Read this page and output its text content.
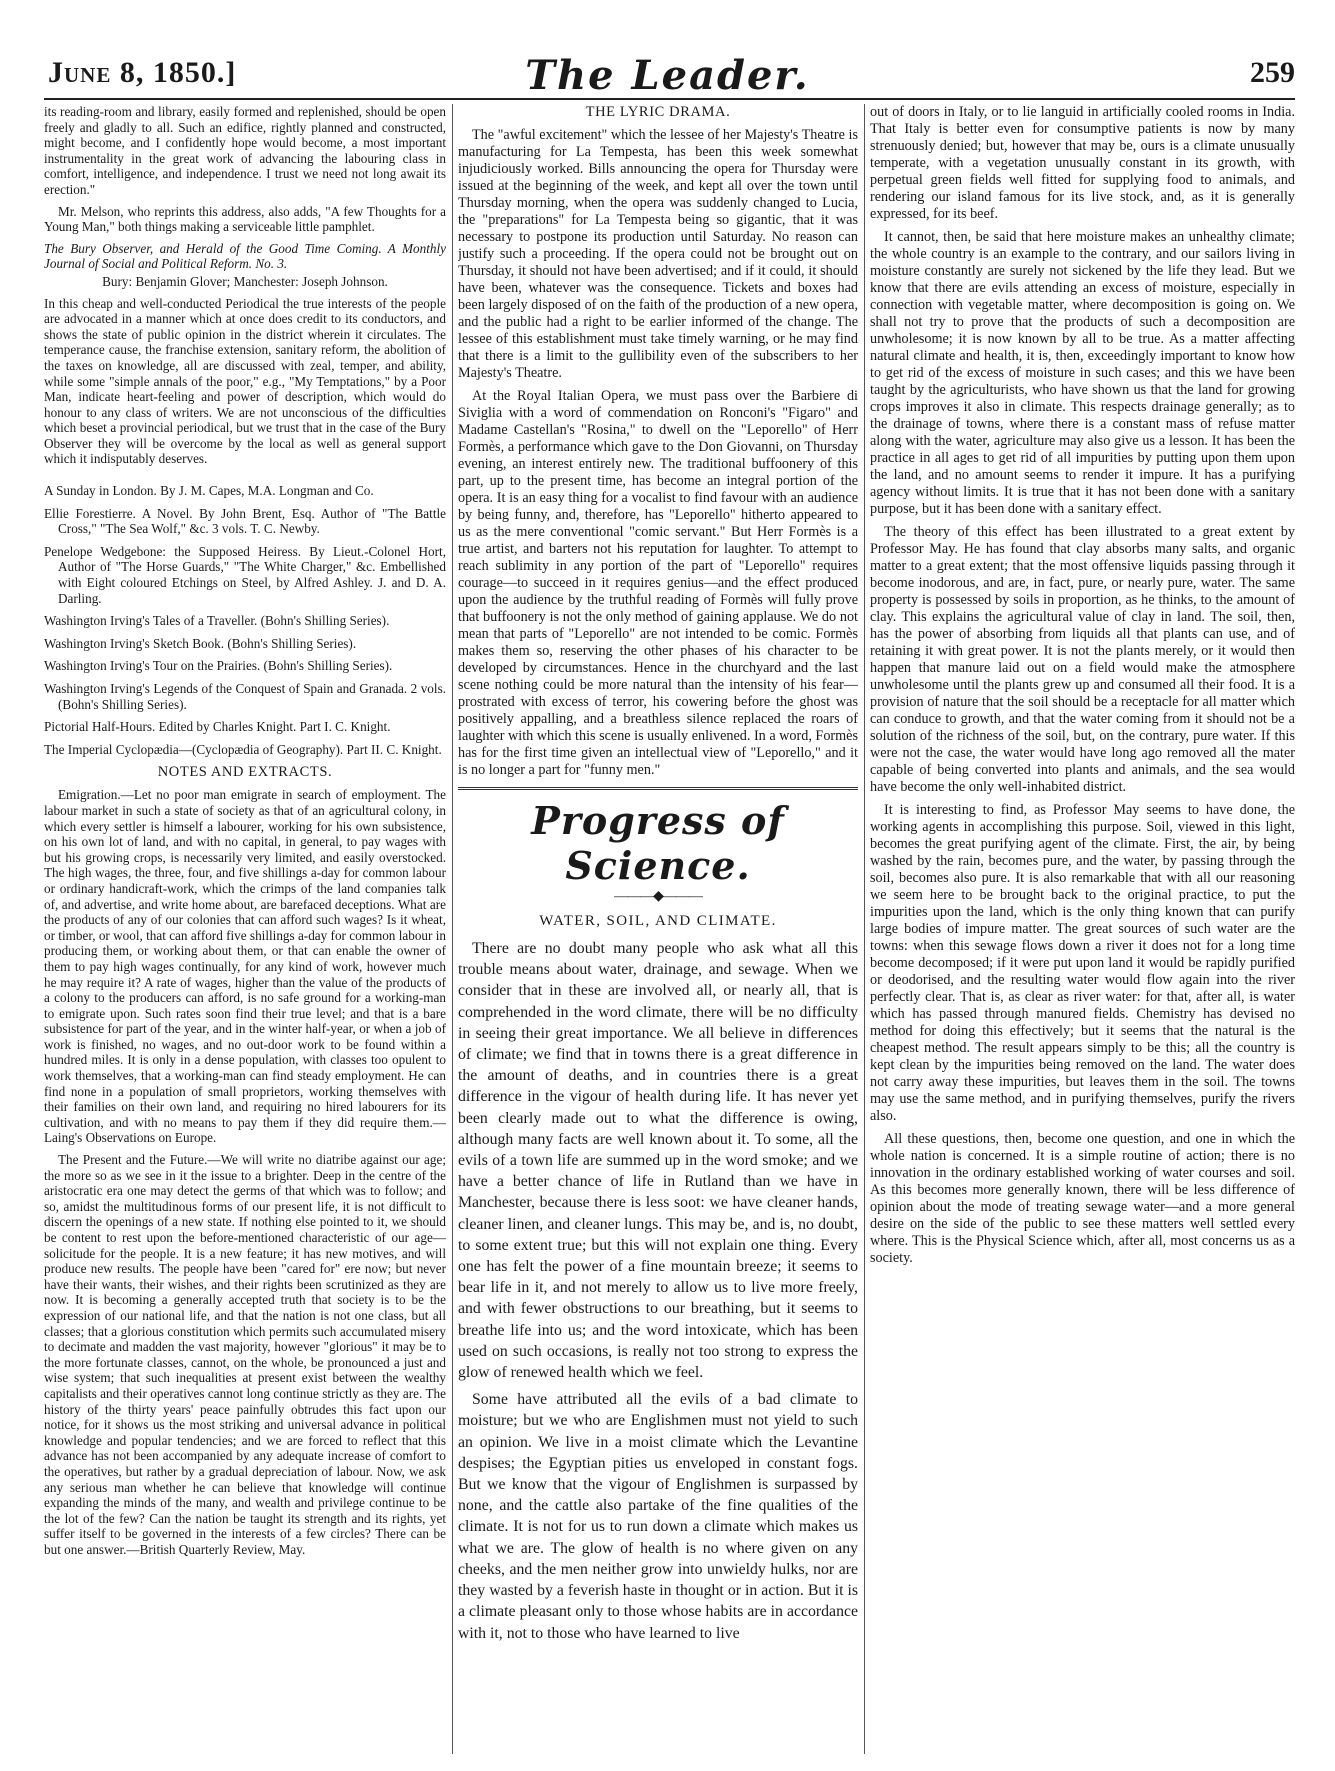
June 8, 1850.]	The Leader.	259

its reading-room and library, easily formed and replenished, should be open freely and gladly to all. Such an edifice, rightly planned and constructed, might become, and I confidently hope would become, a most important instrumentality in the great work of advancing the labouring class in comfort, intelligence, and independence. I trust we need not long await its erection."

Mr. Melson, who reprints this address, also adds, "A few Thoughts for a Young Man," both things making a serviceable little pamphlet.

The Bury Observer, and Herald of the Good Time Coming. A Monthly Journal of Social and Political Reform. No. 3.

Bury: Benjamin Glover; Manchester: Joseph Johnson.

In this cheap and well-conducted Periodical the true interests of the people are advocated in a manner which at once does credit to its conductors, and shows the state of public opinion in the district wherein it circulates. The temperance cause, the franchise extension, sanitary reform, the abolition of the taxes on knowledge, all are discussed with zeal, temper, and ability, while some "simple annals of the poor," e.g., "My Temptations," by a Poor Man, indicate heart-feeling and power of description, which would do honour to any class of writers. We are not unconscious of the difficulties which beset a provincial periodical, but we trust that in the case of the Bury Observer they will be overcome by the local as well as general support which it indisputably deserves.

A Sunday in London. By J. M. Capes, M.A. Longman and Co.

Ellie Forestierre. A Novel. By John Brent, Esq. Author of "The Battle Cross," "The Sea Wolf," &c. 3 vols. T. C. Newby.

Penelope Wedgebone: the Supposed Heiress. By Lieut.-Colonel Hort, Author of "The Horse Guards," "The White Charger," &c. Embellished with Eight coloured Etchings on Steel, by Alfred Ashley. J. and D. A. Darling.

Washington Irving's Tales of a Traveller. (Bohn's Shilling Series).

Washington Irving's Sketch Book. (Bohn's Shilling Series).

Washington Irving's Tour on the Prairies. (Bohn's Shilling Series).

Washington Irving's Legends of the Conquest of Spain and Granada. 2 vols. (Bohn's Shilling Series).

Pictorial Half-Hours. Edited by Charles Knight. Part I. C. Knight.

The Imperial Cyclopædia—(Cyclopædia of Geography). Part II. C. Knight.

NOTES AND EXTRACTS.

Emigration.—Let no poor man emigrate in search of employment. The labour market in such a state of society as that of an agricultural colony, in which every settler is himself a labourer, working for his own subsistence, on his own lot of land, and with no capital, in general, to pay wages with but his growing crops, is necessarily very limited, and easily overstocked. The high wages, the three, four, and five shillings a-day for common labour or ordinary handicraft-work, which the crimps of the land companies talk of, and advertise, and write home about, are barefaced deceptions. What are the products of any of our colonies that can afford such wages? Is it wheat, or timber, or wool, that can afford five shillings a-day for common labour in producing them, or working about them, or that can enable the owner of them to pay high wages continually, for any kind of work, however much he may require it? A rate of wages, higher than the value of the products of a colony to the producers can afford, is no safe ground for a working-man to emigrate upon. Such rates soon find their true level; and that is a bare subsistence for part of the year, and in the winter half-year, or when a job of work is finished, no wages, and no out-door work to be found within a hundred miles. It is only in a dense population, with classes too opulent to work themselves, that a working-man can find steady employment. He can find none in a population of small proprietors, working themselves with their families on their own land, and requiring no hired labourers for its cultivation, and with no means to pay them if they did require them.—Laing's Observations on Europe.

The Present and the Future.—We will write no diatribe against our age; the more so as we see in it the issue to a brighter. Deep in the centre of the aristocratic era one may detect the germs of that which was to follow; and so, amidst the multitudinous forms of our present life, it is not difficult to discern the openings of a new state. If nothing else pointed to it, we should be content to rest upon the before-mentioned characteristic of our age—solicitude for the people. It is a new feature; it has new motives, and will produce new results. The people have been "cared for" ere now; but never have their wants, their wishes, and their rights been scrutinized as they are now. It is becoming a generally accepted truth that society is to be the expression of our national life, and that the nation is not one class, but all classes; that a glorious constitution which permits such accumulated misery to decimate and madden the vast majority, however "glorious" it may be to the more fortunate classes, cannot, on the whole, be pronounced a just and wise system; that such inequalities at present exist between the wealthy capitalists and their operatives cannot long continue strictly as they are. The history of the thirty years' peace painfully obtrudes this fact upon our notice, for it shows us the most striking and universal advance in political knowledge and popular tendencies; and we are forced to reflect that this advance has not been accompanied by any adequate increase of comfort to the operatives, but rather by a gradual depreciation of labour. Now, we ask any serious man whether he can believe that knowledge will continue expanding the minds of the many, and wealth and privilege continue to be the lot of the few? Can the nation be taught its strength and its rights, yet suffer itself to be governed in the interests of a few circles? There can be but one answer.—British Quarterly Review, May.

THE LYRIC DRAMA.

The "awful excitement" which the lessee of her Majesty's Theatre is manufacturing for La Tempesta, has been this week somewhat injudiciously worked. Bills announcing the opera for Thursday were issued at the beginning of the week, and kept all over the town until Thursday morning, when the opera was suddenly changed to Lucia, the "preparations" for La Tempesta being so gigantic, that it was necessary to postpone its production until Saturday. No reason can justify such a proceeding. If the opera could not be brought out on Thursday, it should not have been advertised; and if it could, it should have been, whatever was the consequence. Tickets and boxes had been largely disposed of on the faith of the production of a new opera, and the public had a right to be earlier informed of the change. The lessee of this establishment must take timely warning, or he may find that there is a limit to the gullibility even of the subscribers to her Majesty's Theatre.

At the Royal Italian Opera, we must pass over the Barbiere di Siviglia with a word of commendation on Ronconi's "Figaro" and Madame Castellan's "Rosina," to dwell on the "Leporello" of Herr Formès, a performance which gave to the Don Giovanni, on Thursday evening, an interest entirely new. The traditional buffoonery of this part, up to the present time, has become an integral portion of the opera. It is an easy thing for a vocalist to find favour with an audience by being funny, and, therefore, has "Leporello" hitherto appeared to us as the mere conventional "comic servant." But Herr Formès is a true artist, and barters not his reputation for laughter. To attempt to reach sublimity in any portion of the part of "Leporello" requires courage—to succeed in it requires genius—and the effect produced upon the audience by the truthful reading of Formès will fully prove that buffoonery is not the only method of gaining applause. We do not mean that parts of "Leporello" are not intended to be comic. Formès makes them so, reserving the other phases of his character to be developed by circumstances. Hence in the churchyard and the last scene nothing could be more natural than the intensity of his fear—prostrated with excess of terror, his cowering before the ghost was positively appalling, and a breathless silence replaced the roars of laughter with which this scene is usually enlivened. In a word, Formès has for the first time given an intellectual view of "Leporello," and it is no longer a part for "funny men."

Progress of Science.
———◆———
WATER, SOIL, AND CLIMATE.

There are no doubt many people who ask what all this trouble means about water, drainage, and sewage. When we consider that in these are involved all, or nearly all, that is comprehended in the word climate, there will be no difficulty in seeing their great importance. We all believe in differences of climate; we find that in towns there is a great difference in the amount of deaths, and in countries there is a great difference in the vigour of health during life. It has never yet been clearly made out to what the difference is owing, although many facts are well known about it. To some, all the evils of a town life are summed up in the word smoke; and we have a better chance of life in Rutland than we have in Manchester, because there is less soot: we have cleaner hands, cleaner linen, and cleaner lungs. This may be, and is, no doubt, to some extent true; but this will not explain one thing. Every one has felt the power of a fine mountain breeze; it seems to bear life in it, and not merely to allow us to live more freely, and with fewer obstructions to our breathing, but it seems to breathe life into us; and the word intoxicate, which has been used on such occasions, is really not too strong to express the glow of renewed health which we feel.

Some have attributed all the evils of a bad climate to moisture; but we who are Englishmen must not yield to such an opinion. We live in a moist climate which the Levantine despises; the Egyptian pities us enveloped in constant fogs. But we know that the vigour of Englishmen is surpassed by none, and the cattle also partake of the fine qualities of the climate. It is not for us to run down a climate which makes us what we are. The glow of health is no where given on any cheeks, and the men neither grow into unwieldy hulks, nor are they wasted by a feverish haste in thought or in action. But it is a climate pleasant only to those whose habits are in accordance with it, not to those who have learned to live

out of doors in Italy, or to lie languid in artificially cooled rooms in India. That Italy is better even for consumptive patients is now by many strenuously denied; but, however that may be, ours is a climate unusually temperate, with a vegetation unusually constant in its growth, with perpetual green fields well fitted for supplying food to animals, and rendering our island famous for its live stock, and, as it is generally expressed, for its beef.

It cannot, then, be said that here moisture makes an unhealthy climate; the whole country is an example to the contrary, and our sailors living in moisture constantly are surely not sickened by the life they lead. But we know that there are evils attending an excess of moisture, especially in connection with vegetable matter, where decomposition is going on. We shall not try to prove that the products of such a decomposition are unwholesome; it is now known by all to be true. As a matter affecting natural climate and health, it is, then, exceedingly important to know how to get rid of the excess of moisture in such cases; and this we have been taught by the agriculturists, who have shown us that the land for growing crops improves it also in climate. This respects drainage generally; as to the drainage of towns, where there is a constant mass of refuse matter along with the water, agriculture may also give us a lesson. It has been the practice in all ages to get rid of all impurities by putting upon them upon the land, and no amount seems to render it impure. It has a purifying agency without limits. It is true that it has not been done with a sanitary purpose, but it has been done with a sanitary effect.

The theory of this effect has been illustrated to a great extent by Professor May. He has found that clay absorbs many salts, and organic matter to a great extent; that the most offensive liquids passing through it become inodorous, and are, in fact, pure, or nearly pure, water. The same property is possessed by soils in proportion, as he thinks, to the amount of clay. This explains the agricultural value of clay in land. The soil, then, has the power of absorbing from liquids all that plants can use, and of retaining it with great power. It is not the plants merely, or it would then happen that manure laid out on a field would make the atmosphere unwholesome until the plants grew up and consumed all their food. It is a provision of nature that the soil should be a receptacle for all matter which can conduce to growth, and that the water coming from it should not be a solution of the richness of the soil, but, on the contrary, pure water. If this were not the case, the water would have long ago removed all the mater capable of being converted into plants and animals, and the sea would have become the only well-inhabited district.

It is interesting to find, as Professor May seems to have done, the working agents in accomplishing this purpose. Soil, viewed in this light, becomes the great purifying agent of the climate. First, the air, by being washed by the rain, becomes pure, and the water, by passing through the soil, becomes also pure. It is also remarkable that with all our reasoning we seem here to be brought back to the original practice, to put the impurities upon the land, which is the only thing known that can purify large bodies of impure matter. The great sources of such water are the towns: when this sewage flows down a river it does not for a long time become decomposed; if it were put upon land it would be rapidly purified or deodorised, and the resulting water would flow again into the river perfectly clear. That is, as clear as river water: for that, after all, is water which has passed through manured fields. Chemistry has devised no method for doing this effectively; but it seems that the natural is the cheapest method. The result appears simply to be this; all the country is kept clean by the impurities being removed on the land. The water does not carry away these impurities, but leaves them in the soil. The towns may use the same method, and in purifying themselves, purify the rivers also.

All these questions, then, become one question, and one in which the whole nation is concerned. It is a simple routine of action; there is no innovation in the ordinary established working of water courses and soil. As this becomes more generally known, there will be less difference of opinion about the mode of treating sewage water—and a more general desire on the side of the public to see these matters well settled every where. This is the Physical Science which, after all, most concerns us as a society.
